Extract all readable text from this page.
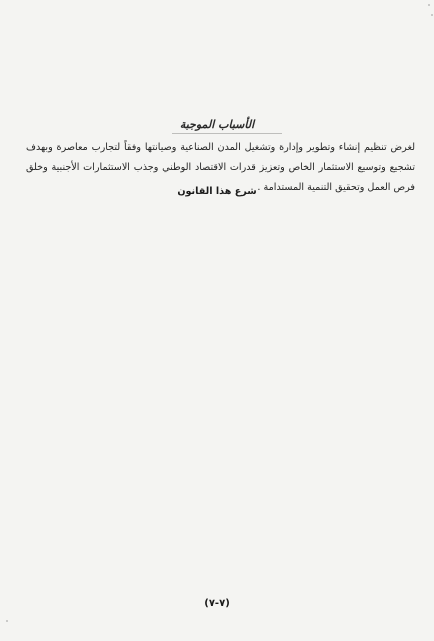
الأسباب الموجبة
لغرض تنظيم إنشاء وتطوير وإدارة وتشغيل المدن الصناعية وصيانتها وفقاً لتجارب معاصرة وبهدف تشجيع وتوسيع الاستثمار الخاص وتعزيز قدرات الاقتصاد الوطني وجذب الاستثمارات الأجنبية وخلق فرص العمل وتحقيق التنمية المستدامة .
شرع هذا القانون
(٧-٧)
